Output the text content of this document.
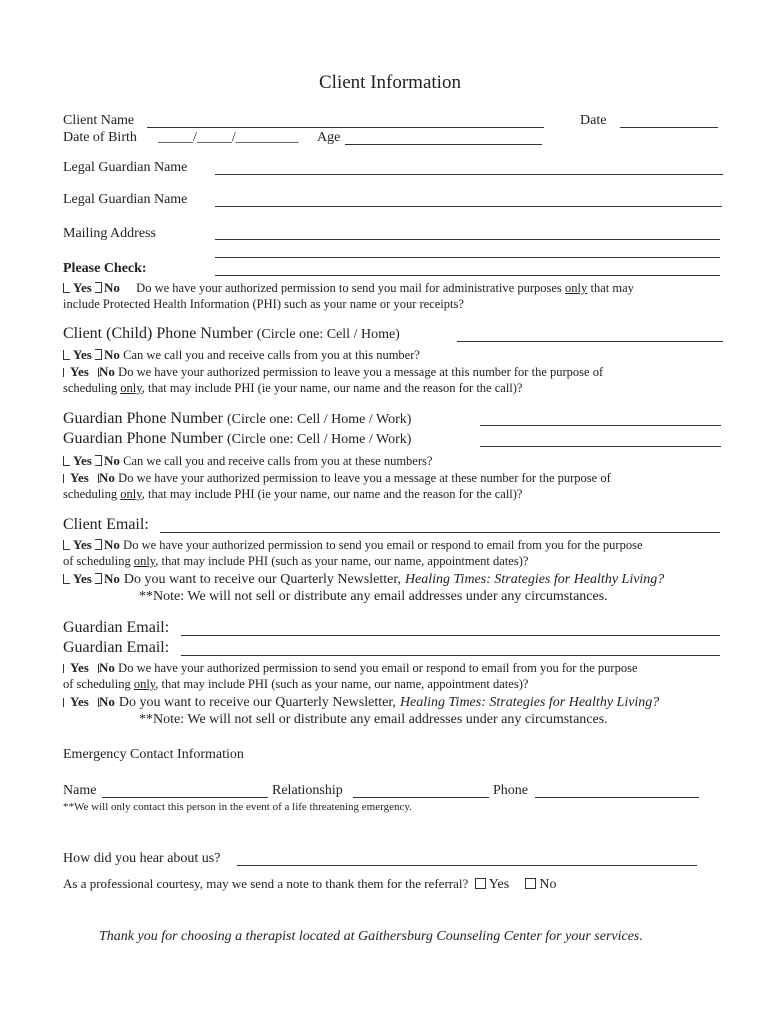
Client Information
Client Name	Date
Date of Birth _____/_____/_________ Age
Legal Guardian Name
Legal Guardian Name
Mailing Address
Please Check:
Yes No Do we have your authorized permission to send you mail for administrative purposes only that may
include Protected Health Information (PHI) such as your name or your receipts?
Client (Child) Phone Number (Circle one: Cell / Home)
Yes No Can we call you and receive calls from you at this number?
Yes No Do we have your authorized permission to leave you a message at this number for the purpose of
scheduling only, that may include PHI (ie your name, our name and the reason for the call)?
Guardian Phone Number (Circle one: Cell / Home / Work)
Guardian Phone Number (Circle one: Cell / Home / Work)
Yes No Can we call you and receive calls from you at these numbers?
Yes No Do we have your authorized permission to leave you a message at these number for the purpose of
scheduling only, that may include PHI (ie your name, our name and the reason for the call)?
Client Email:
Yes No Do we have your authorized permission to send you email or respond to email from you for the purpose
of scheduling only, that may include PHI (such as your name, our name, appointment dates)?
Yes No Do you want to receive our Quarterly Newsletter, Healing Times: Strategies for Healthy Living?
**Note: We will not sell or distribute any email addresses under any circumstances.
Guardian Email:
Guardian Email:
Yes No Do we have your authorized permission to send you email or respond to email from you for the purpose
of scheduling only, that may include PHI (such as your name, our name, appointment dates)?
Yes No Do you want to receive our Quarterly Newsletter, Healing Times: Strategies for Healthy Living?
**Note: We will not sell or distribute any email addresses under any circumstances.
Emergency Contact Information
Name	Relationship	Phone
**We will only contact this person in the event of a life threatening emergency.
How did you hear about us?
As a professional courtesy, may we send a note to thank them for the referral? Yes No
Thank you for choosing a therapist located at Gaithersburg Counseling Center for your services.
